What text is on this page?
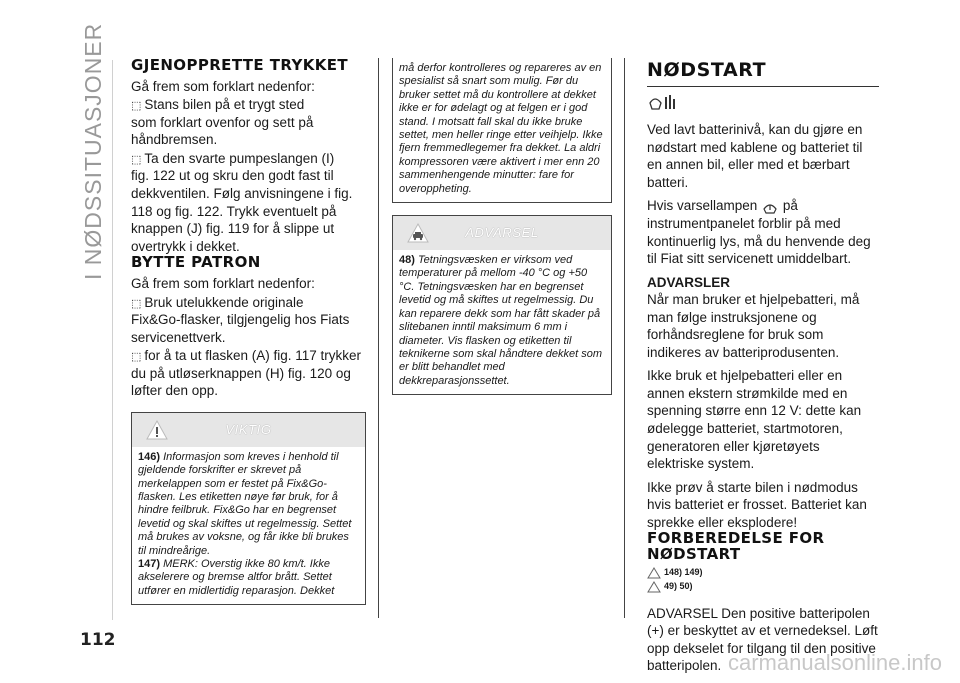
I NØDSSITUASJONER
112
GJENOPPRETTE TRYKKET

Gå frem som forklart nedenfor:

⬚ Stans bilen på et trygt sted

som forklart ovenfor og sett på håndbremsen.

⬚ Ta den svarte pumpeslangen (I)

fig. 122 ut og skru den godt fast til dekkventilen. Følg anvisningene i fig. 118 og fig. 122. Trykk eventuelt på knappen (J) fig. 119 for å slippe ut overtrykk i dekket.

BYTTE PATRON

Gå frem som forklart nedenfor:

⬚ Bruk utelukkende originale

Fix&Go-flasker, tilgjengelig hos Fiats servicenettverk.

⬚ for å ta ut flasken (A) fig. 117 trykker

du på utløserknappen (H) fig. 120 og løfter den opp.

VIKTIG

146) Informasjon som kreves i henhold til gjeldende forskrifter er skrevet på merkelappen som er festet på Fix&Go-flasken. Les etiketten nøye før bruk, for å hindre feilbruk. Fix&Go har en begrenset levetid og skal skiftes ut regelmessig. Settet må brukes av voksne, og får ikke bli brukes til mindreårige.

147) MERK: Overstig ikke 80 km/t. Ikke akselerere og bremse altfor brått. Settet utfører en midlertidig reparasjon. Dekket

må derfor kontrolleres og repareres av en spesialist så snart som mulig. Før du bruker settet må du kontrollere at dekket ikke er for ødelagt og at felgen er i god stand. I motsatt fall skal du ikke bruke settet, men heller ringe etter veihjelp. Ikke fjern fremmedlegemer fra dekket. La aldri kompressoren være aktivert i mer enn 20 sammenhengende minutter: fare for overoppheting.

ADVARSEL

48) Tetningsvæsken er virksom ved temperaturer på mellom -40 °C og +50 °C. Tetningsvæsken har en begrenset levetid og må skiftes ut regelmessig. Du kan reparere dekk som har fått skader på slitebanen inntil maksimum 6 mm i diameter. Vis flasken og etiketten til teknikerne som skal håndtere dekket som er blitt behandlet med dekkreparasjonssettet.

NØDSTART

Ved lavt batterinivå, kan du gjøre en nødstart med kablene og batteriet til en annen bil, eller med et bærbart batteri.

Hvis varsellampen på instrumentpanelet forblir på med kontinuerlig lys, må du henvende deg til Fiat sitt servicenett umiddelbart.

ADVARSLER

Når man bruker et hjelpebatteri, må man følge instruksjonene og forhåndsreglene for bruk som indikeres av batteriprodusenten.

Ikke bruk et hjelpebatteri eller en annen ekstern strømkilde med en spenning større enn 12 V: dette kan ødelegge batteriet, startmotoren, generatoren eller kjøretøyets elektriske system.

Ikke prøv å starte bilen i nødmodus hvis batteriet er frosset. Batteriet kan sprekke eller eksplodere!

FORBEREDELSE FOR NØDSTART
148) 149)
49) 50)

ADVARSEL Den positive batteripolen (+) er beskyttet av et vernedeksel. Løft opp dekselet for tilgang til den positive batteripolen. carmanualsonline.info
